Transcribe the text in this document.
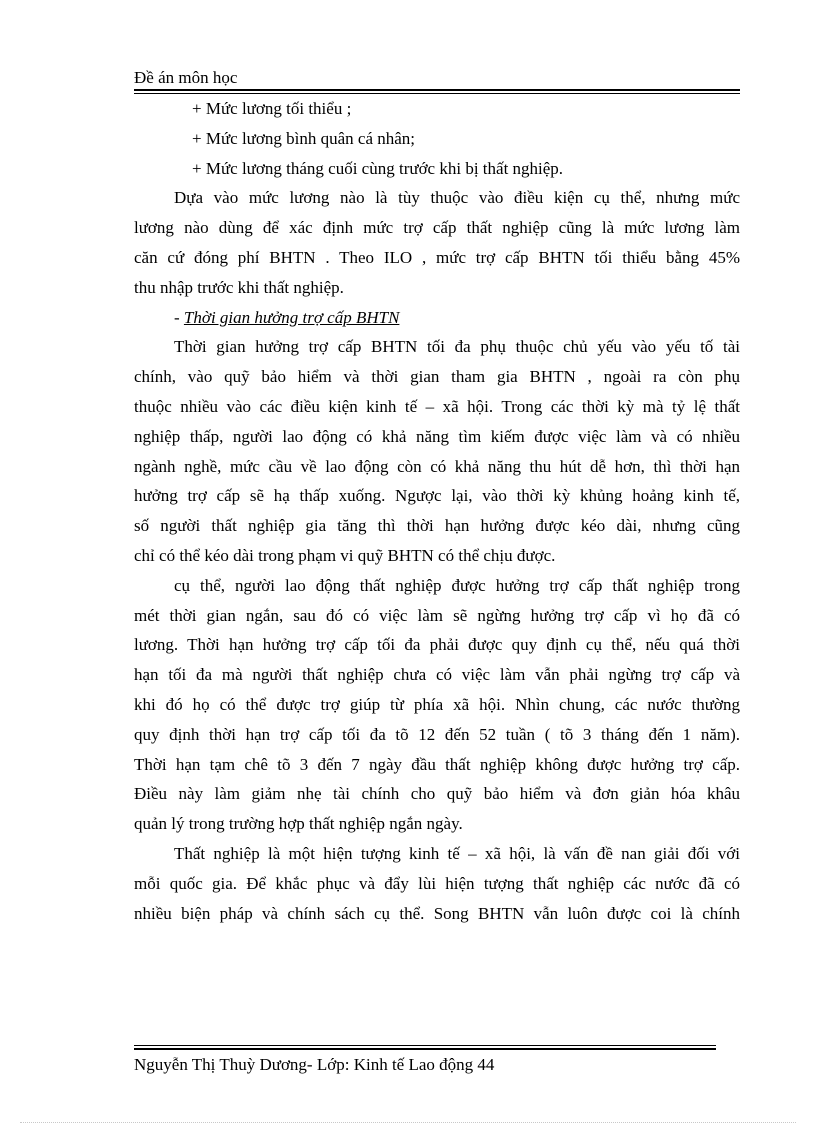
Đề án môn học
+ Mức lương tối thiểu ;
+ Mức lương bình quân cá nhân;
+ Mức lương tháng cuối cùng trước khi bị thất nghiệp.
Dựa vào mức lương nào là tùy thuộc vào điều kiện cụ thể, nhưng mức
lương nào dùng để xác định mức trợ cấp thất nghiệp cũng là mức lương làm
căn cứ đóng phí BHTN . Theo ILO , mức trợ cấp BHTN tối thiểu bằng 45%
thu nhập trước khi thất nghiệp.
- Thời gian hưởng trợ cấp BHTN
Thời gian hưởng trợ cấp BHTN tối đa phụ thuộc chủ yếu vào yếu tố tài
chính, vào quỹ bảo hiểm và thời gian tham gia BHTN , ngoài ra còn phụ
thuộc nhiều vào các điều kiện kinh tế – xã hội. Trong các thời kỳ mà tỷ lệ thất
nghiệp thấp, người lao động có khả năng tìm kiếm được việc làm và có nhiều
ngành nghề, mức cầu về lao động còn có khả năng thu hút dễ hơn, thì thời hạn
hưởng trợ cấp sẽ hạ thấp xuống. Ngược lại, vào thời kỳ khủng hoảng kinh tế,
số người thất nghiệp gia tăng thì thời hạn hưởng được kéo dài, nhưng cũng
chỉ có thể kéo dài trong phạm vi quỹ BHTN có thể chịu được.
cụ thể, người lao động thất nghiệp được hưởng trợ cấp thất nghiệp trong
mét thời gian ngắn, sau đó có việc làm sẽ ngừng hưởng trợ cấp vì họ đã có
lương. Thời hạn hưởng trợ cấp tối đa phải được quy định cụ thể, nếu quá thời
hạn tối đa mà người thất nghiệp chưa có việc làm vẫn phải ngừng trợ cấp và
khi đó họ có thể được trợ giúp từ phía xã hội. Nhìn chung, các nước thường
quy định thời hạn trợ cấp tối đa tõ 12 đến 52 tuần ( tõ 3 tháng đến 1 năm).
Thời hạn tạm chê tõ 3 đến 7 ngày đầu thất nghiệp không được hưởng trợ cấp.
Điều này làm giảm nhẹ tài chính cho quỹ bảo hiểm và đơn giản hóa khâu
quản lý trong trường hợp thất nghiệp ngắn ngày.
Thất nghiệp là một hiện tượng kinh tế – xã hội, là vấn đề nan giải đối với
mỗi quốc gia. Để khắc phục và đẩy lùi hiện tượng thất nghiệp các nước đã có
nhiều biện pháp và chính sách cụ thể. Song BHTN vẫn luôn được coi là chính
Nguyễn Thị Thuỳ Dương- Lớp: Kinh tế Lao động 44
